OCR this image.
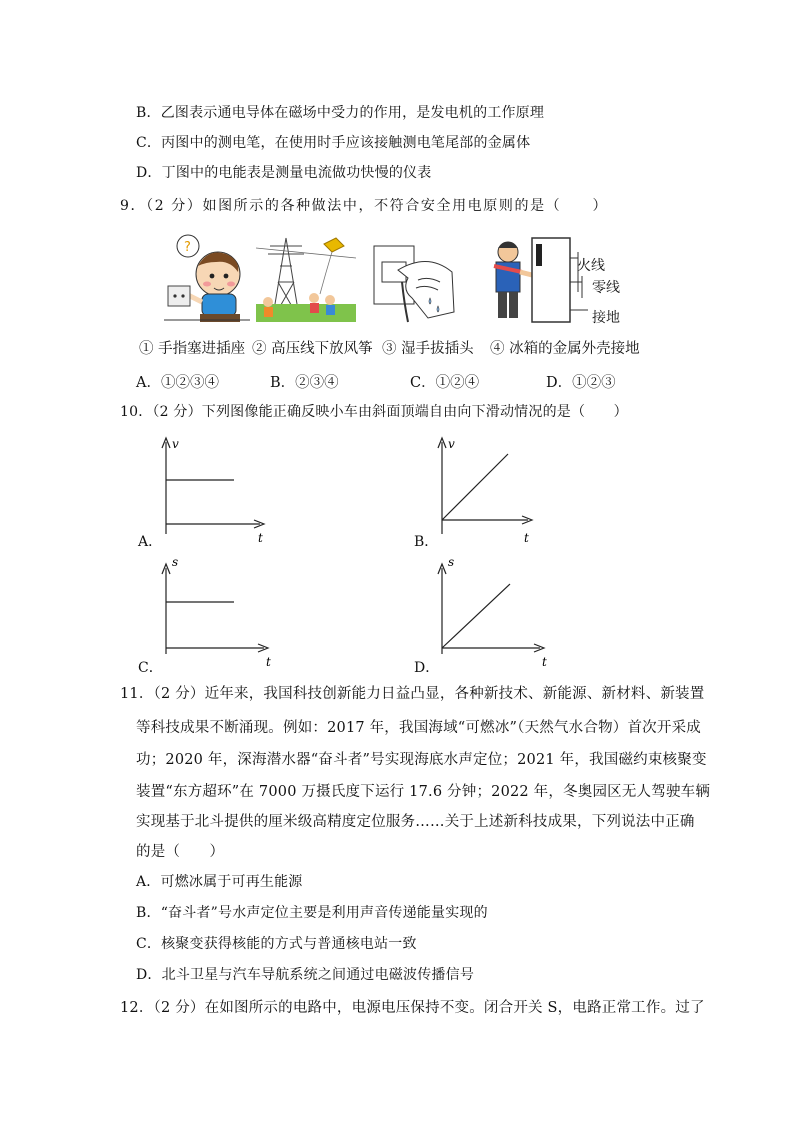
B．乙图表示通电导体在磁场中受力的作用，是发电机的工作原理
C．丙图中的测电笔，在使用时手应该接触测电笔尾部的金属体
D．丁图中的电能表是测量电流做功快慢的仪表
9．（2 分）如图所示的各种做法中，不符合安全用电原则的是（　　）
?
火线
零线
接地
① 手指塞进插座 ② 高压线下放风筝 ③ 湿手拔插头 ④ 冰箱的金属外壳接地
A．①②③④	B．②③④	C．①②④	D．①②③
10．（2 分）下列图像能正确反映小车由斜面顶端自由向下滑动情况的是（　　）
v
t
A．
v
t
B．
s
t
C．
s
t
D．
11．（2 分）近年来，我国科技创新能力日益凸显，各种新技术、新能源、新材料、新装置
等科技成果不断涌现。例如：2017 年，我国海域“可燃冰”（天然气水合物）首次开采成
功；2020 年，深海潜水器“奋斗者”号实现海底水声定位；2021 年，我国磁约束核聚变
装置“东方超环”在 7000 万摄氏度下运行 17.6 分钟；2022 年，冬奥园区无人驾驶车辆
实现基于北斗提供的厘米级高精度定位服务……关于上述新科技成果，下列说法中正确
的是（　　）
A．可燃冰属于可再生能源
B．“奋斗者”号水声定位主要是利用声音传递能量实现的
C．核聚变获得核能的方式与普通核电站一致
D．北斗卫星与汽车导航系统之间通过电磁波传播信号
12．（2 分）在如图所示的电路中，电源电压保持不变。闭合开关 S，电路正常工作。过了
